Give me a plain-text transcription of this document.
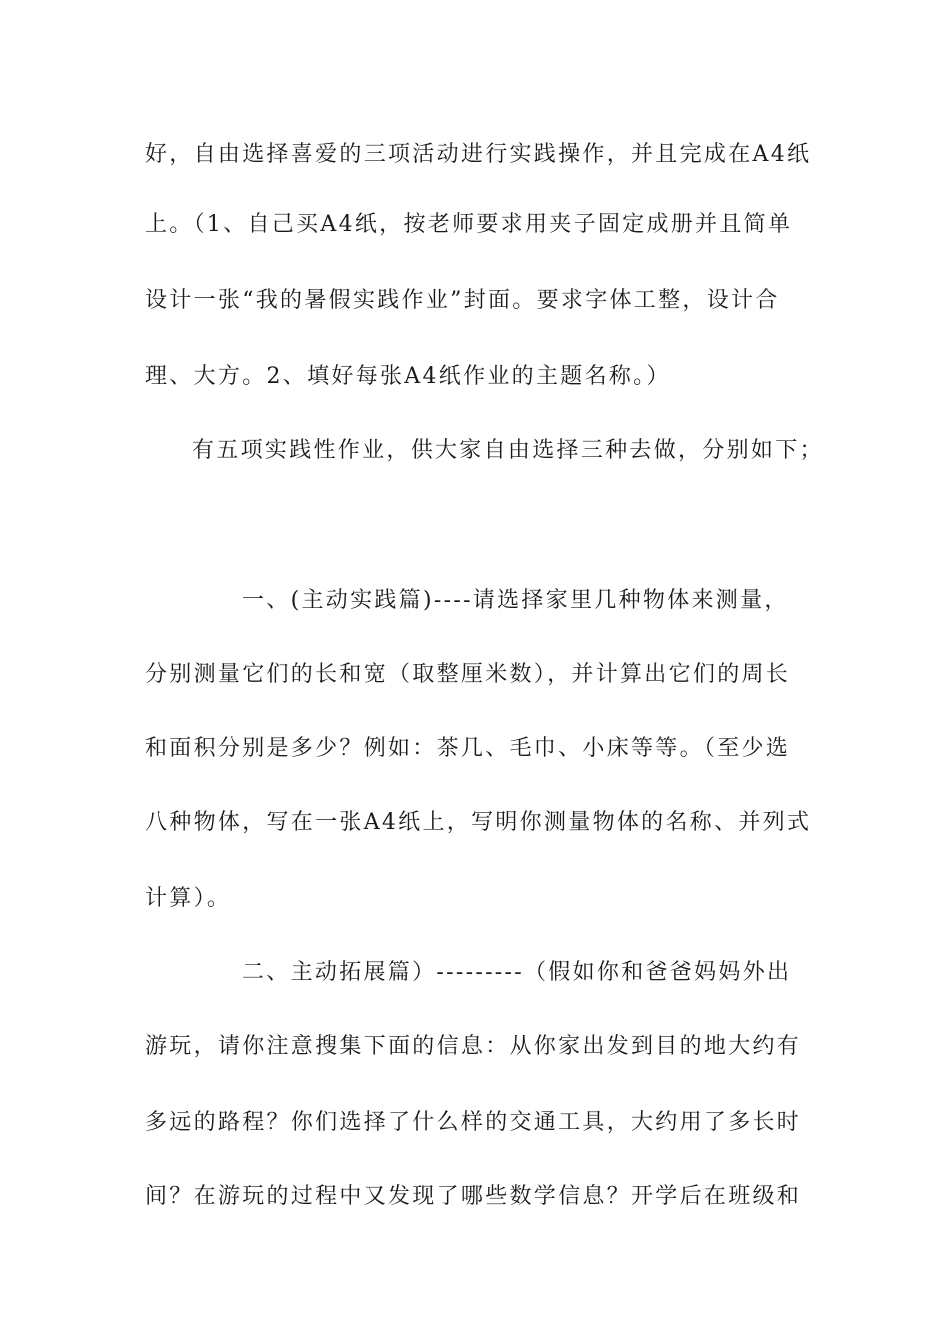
好，自由选择喜爱的三项活动进行实践操作，并且完成在A4纸
上。（1、自己买A4纸，按老师要求用夹子固定成册并且简单
设计一张“我的暑假实践作业”封面。要求字体工整，设计合
理、大方。2、填好每张A4纸作业的主题名称。）
有五项实践性作业，供大家自由选择三种去做，分别如下；
一、(主动实践篇)----请选择家里几种物体来测量，
分别测量它们的长和宽（取整厘米数），并计算出它们的周长
和面积分别是多少？例如：茶几、毛巾、小床等等。（至少选
八种物体，写在一张A4纸上，写明你测量物体的名称、并列式
计算）。
二、主动拓展篇）---------（假如你和爸爸妈妈外出
游玩，请你注意搜集下面的信息：从你家出发到目的地大约有
多远的路程？你们选择了什么样的交通工具，大约用了多长时
间？在游玩的过程中又发现了哪些数学信息？开学后在班级和
